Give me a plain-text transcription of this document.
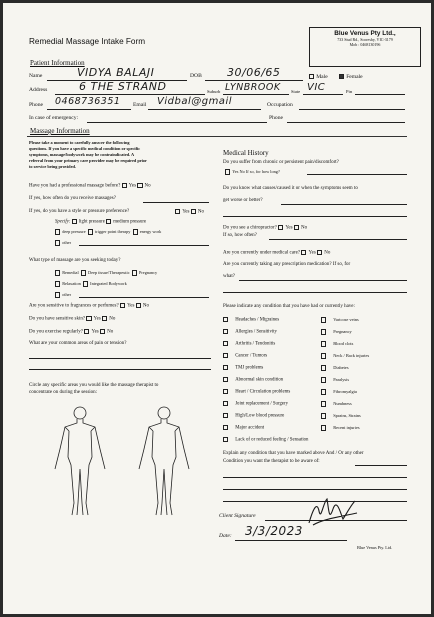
Remedial Massage Intake Form
Blue Venus Pty Ltd.,
733 Stud Rd., Scoresby, VIC-3179
Mob : 0468130196
Patient Information
Name	VIDYA BALAJI	DOB 30/06/65	Male	Female
Address	6 THE STRAND	Suburb LYNBROOK State VIC	Pin
Phone 0468736351 Email Vidbal@gmail	Occupation
In case of emergency:	Phone
Massage Information
Please take a moment to carefully answer the following
questions. If you have a specific medical condition or specific
symptoms, massage/bodywork may be contraindicated. A
referral from your primary care provider may be required prior
to service being provided.
Have you had a professional massage before? Yes No
If yes, how often do you receive massages?
If yes, do you have a style or pressure preference?	Yes No
Specify: light pressure medium pressure
deep pressure trigger point therapy energy work
other
What type of massage are you seeking today?
Remedial Deep tissue/Therapeutic Pregnancy
Relaxation Integrated Bodywork
other
Are you sensitive to fragrances or perfumes? Yes No
Do you have sensitive skin? Yes No
Do you exercise regularly? Yes No
What are your common areas of pain or tension?
Circle any specific areas you would like the massage therapist to
concentrate on during the session:
Medical History
Do you suffer from chronic or persistent pain/discomfort?
Yes No If so, for how long?
Do you know what causes/caused it or when the symptoms seem to
get worse or better?
Do you see a chiropractor? Yes No
If so, how often?
Are you currently under medical care? Yes No
Are you currently taking any prescription medication? If so, for
what?
Please indicate any condition that you have had or currently have:
Headaches / Migraines
Allergies / Sensitivity
Arthritis / Tendonitis
Cancer / Tumors
TMJ problems
Abnormal skin condition
Heart / Circulation problems
Joint replacement / Surgery
High/Low blood pressure
Major accident
Lack of or reduced feeling / Sensation
Varicose veins
Pregnancy
Blood clots
Neck / Back injuries
Diabetes
Paralysis
Fibromyalgia
Numbness
Sprains, Strains
Recent injuries
Explain any condition that you have marked above And / Or any other
Condition you want the therapist to be aware of:
Client Signature
Date: 3/3/2023
Blue Venus Pty. Ltd.
